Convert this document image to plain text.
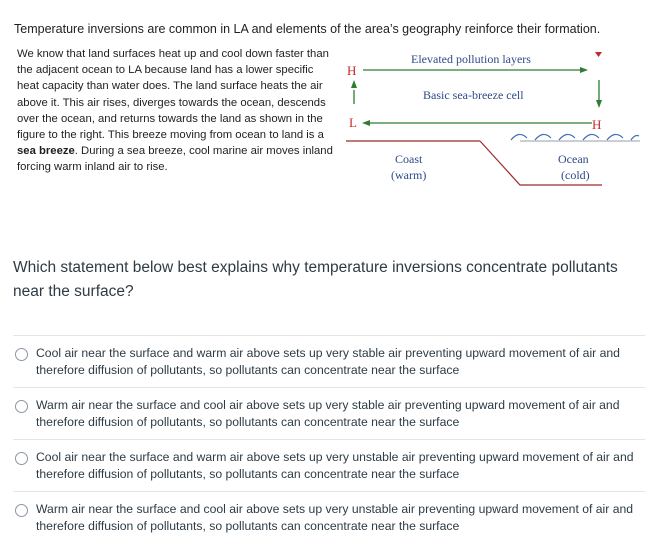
Temperature inversions are common in LA and elements of the area’s geography reinforce their formation.
We know that land surfaces heat up and cool down faster than the adjacent ocean to LA because land has a lower specific heat capacity than water does. The land surface heats the air above it. This air rises, diverges towards the ocean, descends over the ocean, and returns towards the land as shown in the figure to the right. This breeze moving from ocean to land is a sea breeze. During a sea breeze, cool marine air moves inland forcing warm inland air to rise.
H
Elevated pollution layers
Basic sea-breeze cell
L	H
Coast
(warm)
Ocean
(cold)
Which statement below best explains why temperature inversions concentrate pollutants near the surface?
Cool air near the surface and warm air above sets up very stable air preventing upward movement of air and therefore diffusion of pollutants, so pollutants can concentrate near the surface
Warm air near the surface and cool air above sets up very stable air preventing upward movement of air and therefore diffusion of pollutants, so pollutants can concentrate near the surface
Cool air near the surface and warm air above sets up very unstable air preventing upward movement of air and therefore diffusion of pollutants, so pollutants can concentrate near the surface
Warm air near the surface and cool air above sets up very unstable air preventing upward movement of air and therefore diffusion of pollutants, so pollutants can concentrate near the surface
